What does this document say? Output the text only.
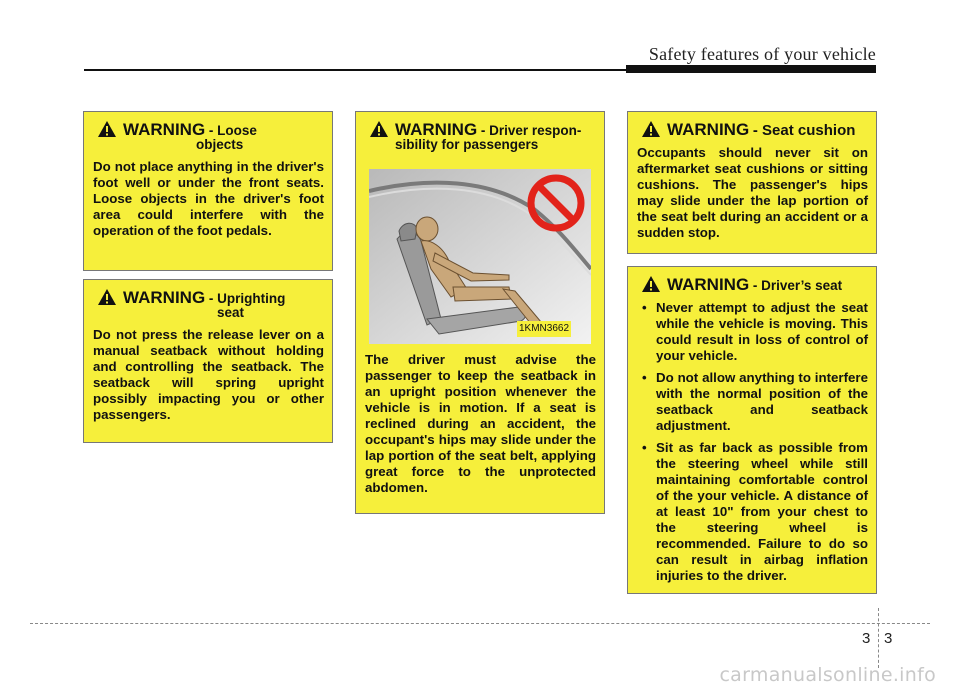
Safety features of your vehicle
WARNING - Loose
objects
Do not place anything in the driver's foot well or under the front seats. Loose objects in the driver's foot area could interfere with the operation of the foot pedals.
WARNING - Uprighting
seat
Do not press the release lever on a manual seatback without holding and controlling the seatback. The seatback will spring upright possibly impacting you or other passengers.
WARNING - Driver respon-
sibility for passengers
1KMN3662
The driver must advise the passenger to keep the seatback in an upright position whenever the vehicle is in motion. If a seat is reclined during an accident, the occupant's hips may slide under the lap portion of the seat belt, applying great force to the unprotected abdomen.
WARNING - Seat cushion
Occupants should never sit on aftermarket seat cushions or sitting cushions. The passenger's hips may slide under the lap portion of the seat belt during an accident or a sudden stop.
WARNING - Driver’s seat
• Never attempt to adjust the seat while the vehicle is moving. This could result in loss of control of your vehicle.
• Do not allow anything to interfere with the normal position of the seatback and seatback adjustment.
• Sit as far back as possible from the steering wheel while still maintaining comfortable control of the your vehicle. A distance of at least 10" from your chest to the steering wheel is recommended. Failure to do so can result in airbag inflation injuries to the driver.
3 3
carmanualsonline.info
